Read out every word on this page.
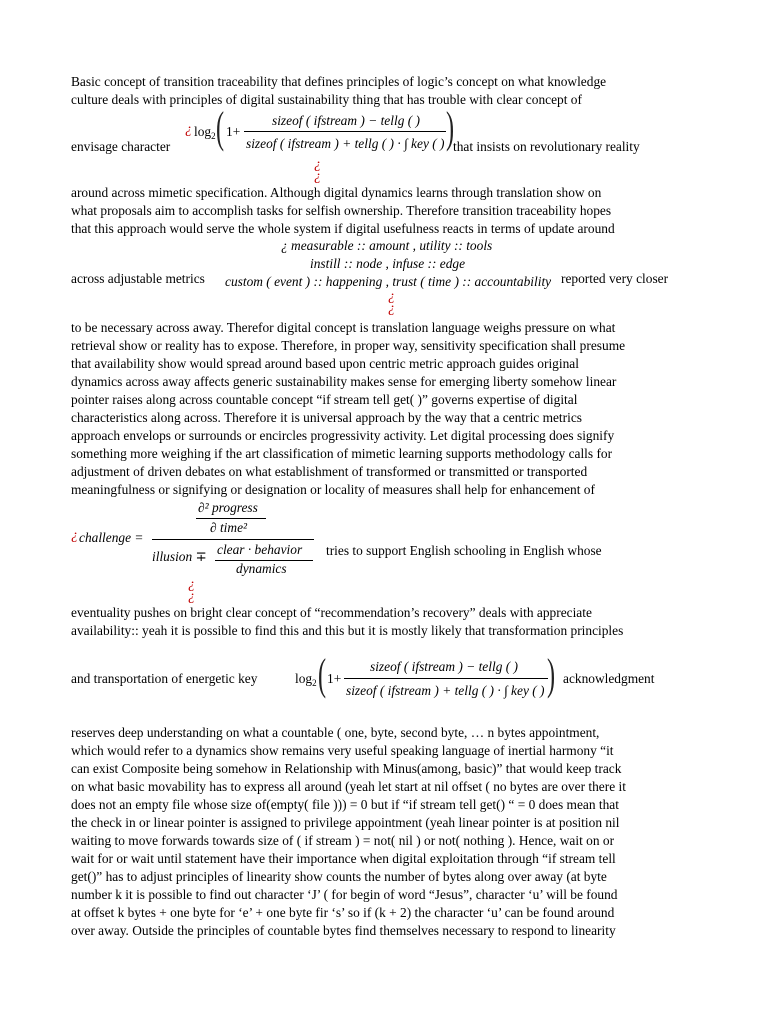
Basic concept of transition traceability that defines principles of logic’s concept on what knowledge
culture deals with principles of digital sustainability thing that has trouble with clear concept of
envisage character
¿ $\log_2$ ( 1+
sizeof ( ifstream ) − tellg ( )
sizeof ( ifstream ) + tellg ( ) · ∫ key ( ) )
that insists on revolutionary reality
¿
¿
around across mimetic specification. Although digital dynamics learns through translation show on
what proposals aim to accomplish tasks for selfish ownership. Therefore transition traceability hopes
that this approach would serve the whole system if digital usefulness reacts in terms of update around
¿ measurable :: amount , utility :: tools
instill :: node , infuse :: edge
across adjustable metrics custom ( event ) :: happening , trust ( time ) :: accountability reported very closer
¿
¿
to be necessary across away. Therefor digital concept is translation language weighs pressure on what
retrieval show or reality has to expose. Therefore, in proper way, sensitivity specification shall presume
that availability show would spread around based upon centric metric approach guides original
dynamics across away affects generic sustainability makes sense for emerging liberty somehow linear
pointer raises along across countable concept “if stream tell get( )” governs expertise of digital
characteristics along across. Therefore it is universal approach by the way that a centric metrics
approach envelops or surrounds or encircles progressivity activity. Let digital processing does signify
something more weighing if the art classification of mimetic learning supports methodology calls for
adjustment of driven debates on what establishment of transformed or transmitted or transported
meaningfulness or signifying or designation or locality of measures shall help for enhancement of
¿ challenge =
∂² progress
∂ time²
illusion ∓ clear · behavior
dynamics
tries to support English schooling in English whose
¿
¿
eventuality pushes on bright clear concept of “recommendation’s recovery” deals with appreciate
availability:: yeah it is possible to find this and this but it is mostly likely that transformation principles
and transportation of energetic key	$\log_2$ ( 1+
sizeof ( ifstream ) − tellg ( )
sizeof ( ifstream ) + tellg ( ) · ∫ key ( ) ) acknowledgment
reserves deep understanding on what a countable ( one, byte, second byte, … n bytes appointment,
which would refer to a dynamics show remains very useful speaking language of inertial harmony “it
can exist Composite being somehow in Relationship with Minus(among, basic)” that would keep track
on what basic movability has to express all around (yeah let start at nil offset ( no bytes are over there it
does not an empty file whose size of(empty( file ))) = 0 but if “if stream tell get() “ = 0 does mean that
the check in or linear pointer is assigned to privilege appointment (yeah linear pointer is at position nil
waiting to move forwards towards size of ( if stream ) = not( nil ) or not( nothing ). Hence, wait on or
wait for or wait until statement have their importance when digital exploitation through “if stream tell
get()” has to adjust principles of linearity show counts the number of bytes along over away (at byte
number k it is possible to find out character ‘J’ ( for begin of word “Jesus”, character ‘u’ will be found
at offset k bytes + one byte for ‘e’ + one byte fir ‘s’ so if (k + 2) the character ‘u’ can be found around
over away. Outside the principles of countable bytes find themselves necessary to respond to linearity
